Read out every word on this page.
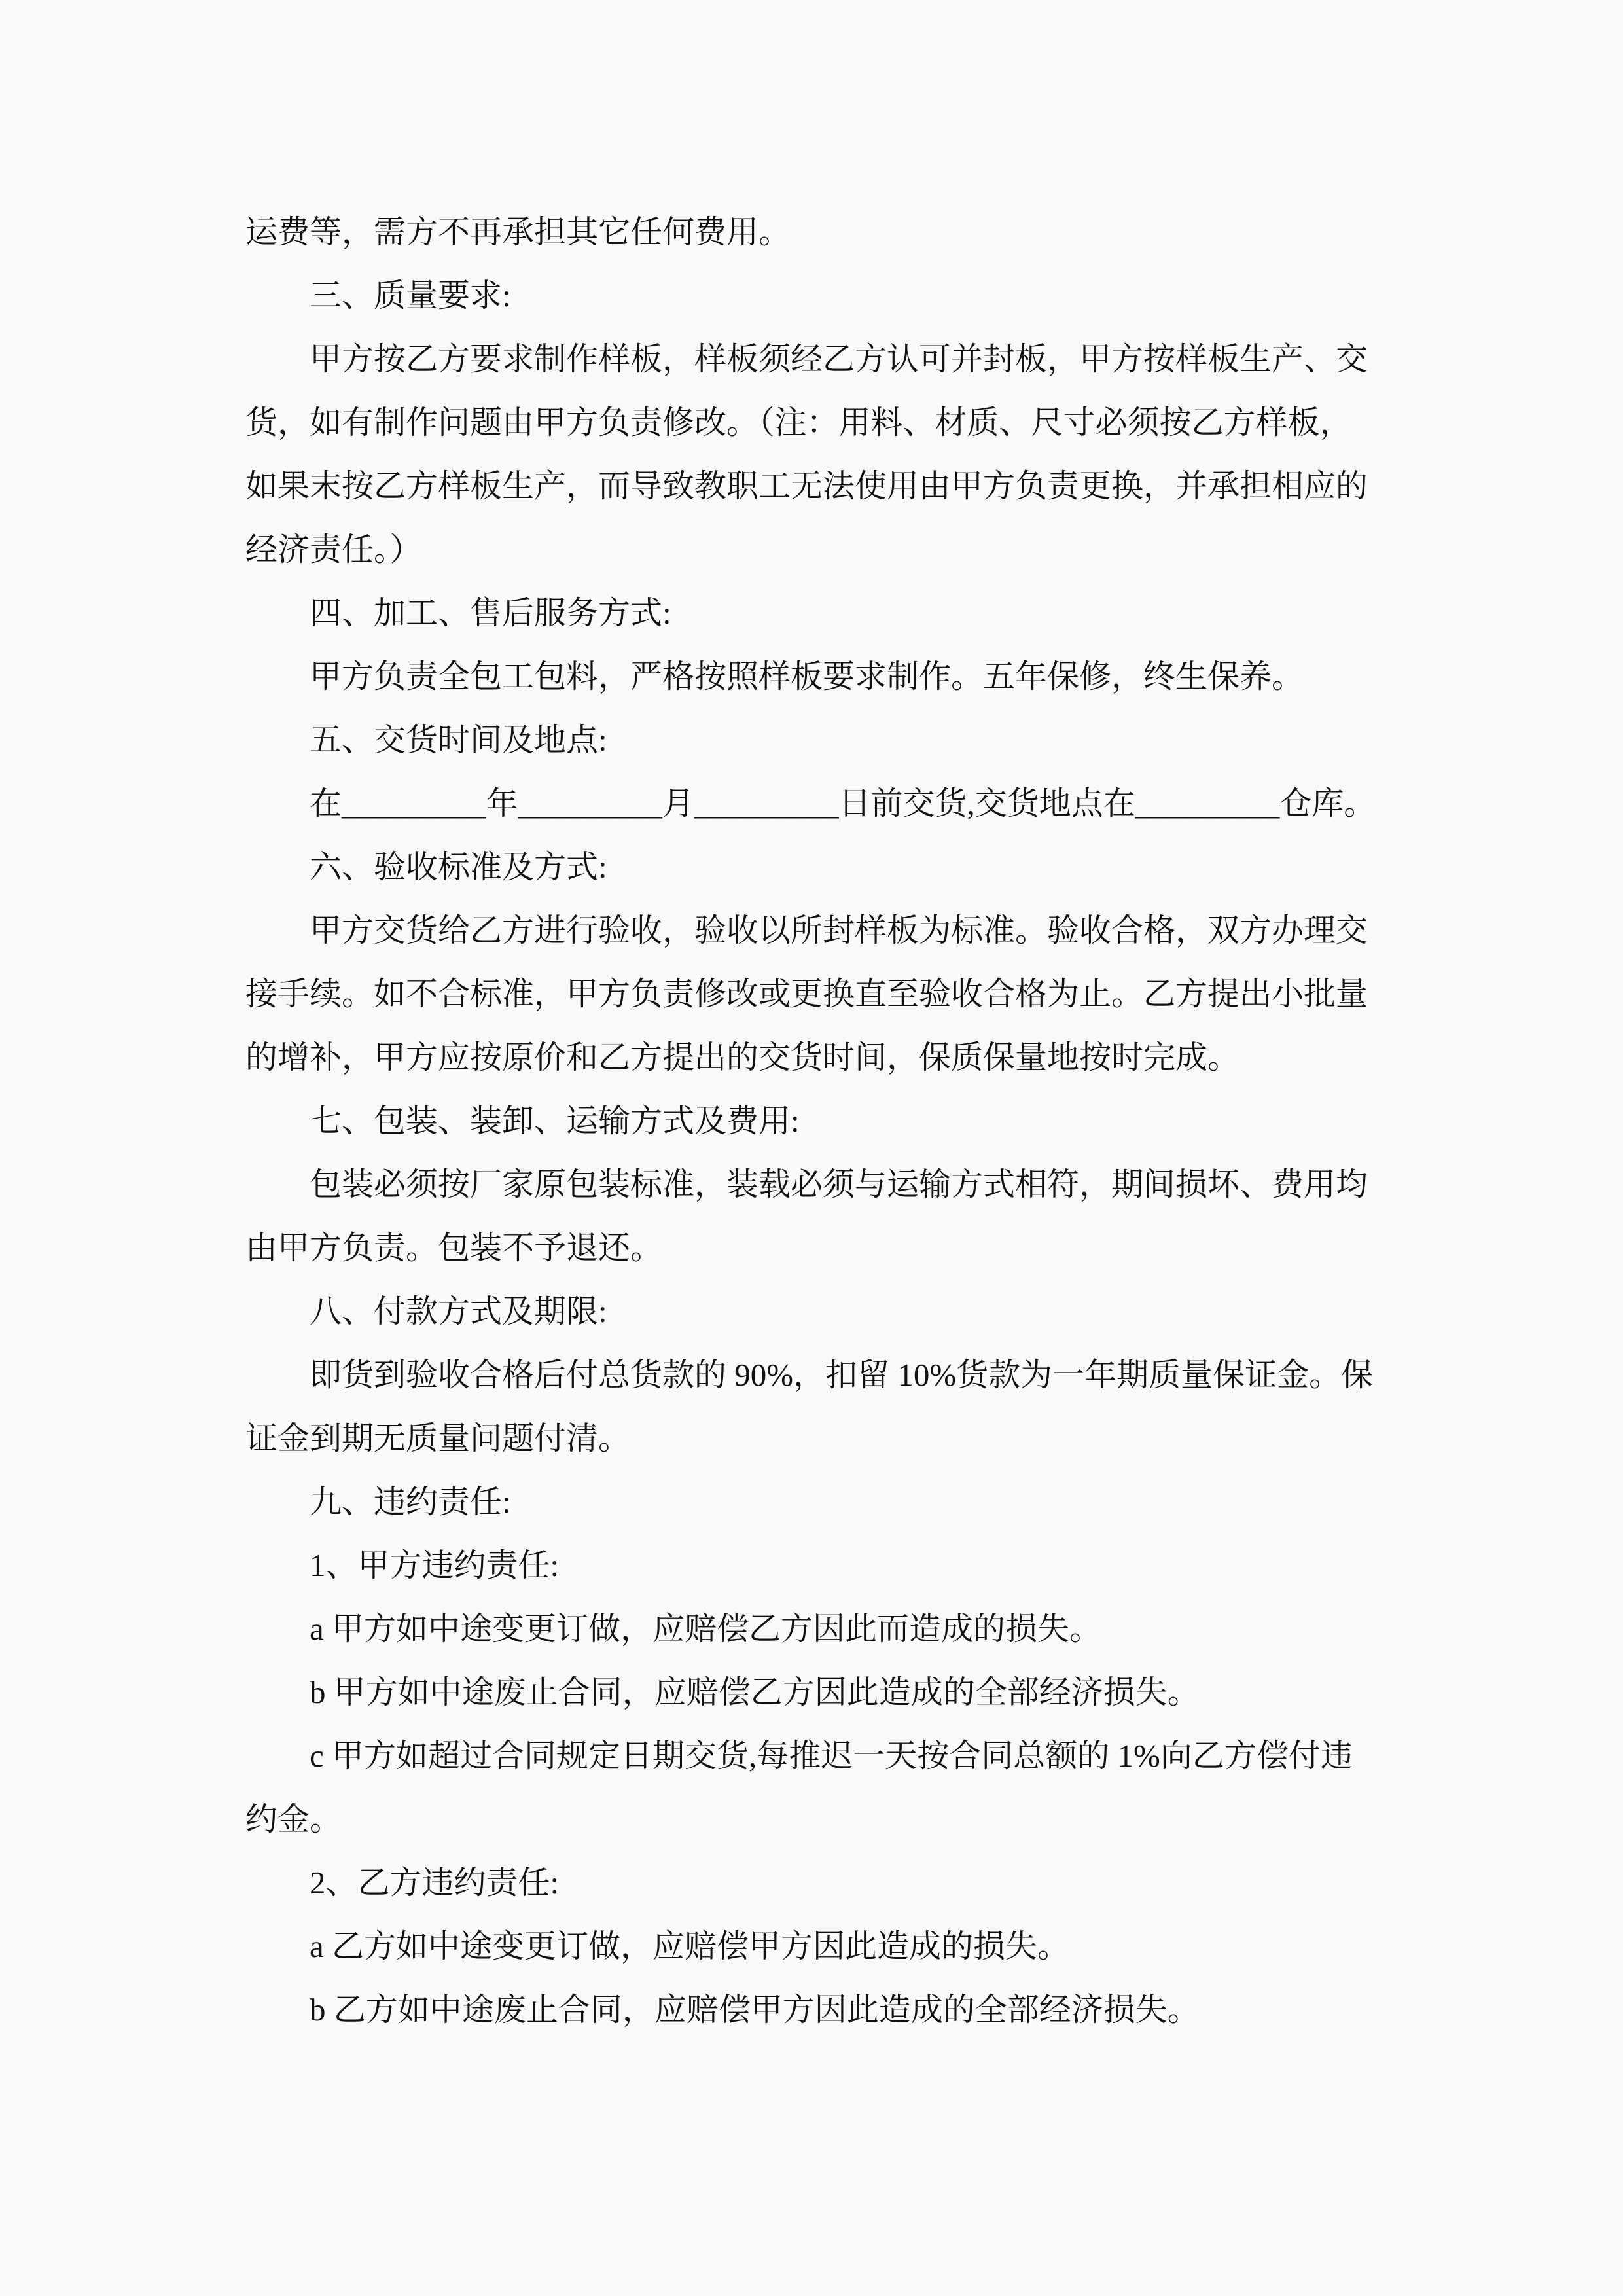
运费等，需方不再承担其它任何费用。

三、质量要求:

甲方按乙方要求制作样板，样板须经乙方认可并封板，甲方按样板生产、交

货，如有制作问题由甲方负责修改。（注：用料、材质、尺寸必须按乙方样板，

如果末按乙方样板生产，而导致教职工无法使用由甲方负责更换，并承担相应的

经济责任。）

四、加工、售后服务方式:

甲方负责全包工包料，严格按照样板要求制作。五年保修，终生保养。

五、交货时间及地点:

在_________年_________月_________日前交货,交货地点在_________仓库。

六、验收标准及方式:

甲方交货给乙方进行验收，验收以所封样板为标准。验收合格，双方办理交

接手续。如不合标准，甲方负责修改或更换直至验收合格为止。乙方提出小批量

的增补，甲方应按原价和乙方提出的交货时间，保质保量地按时完成。

七、包装、装卸、运输方式及费用:

包装必须按厂家原包装标准，装载必须与运输方式相符，期间损坏、费用均

由甲方负责。包装不予退还。

八、付款方式及期限:

即货到验收合格后付总货款的 90%，扣留 10%货款为一年期质量保证金。保

证金到期无质量问题付清。

九、违约责任:

1、甲方违约责任:

a 甲方如中途变更订做，应赔偿乙方因此而造成的损失。

b 甲方如中途废止合同，应赔偿乙方因此造成的全部经济损失。

c 甲方如超过合同规定日期交货,每推迟一天按合同总额的 1%向乙方偿付违

约金。

2、乙方违约责任:

a 乙方如中途变更订做，应赔偿甲方因此造成的损失。

b 乙方如中途废止合同，应赔偿甲方因此造成的全部经济损失。
